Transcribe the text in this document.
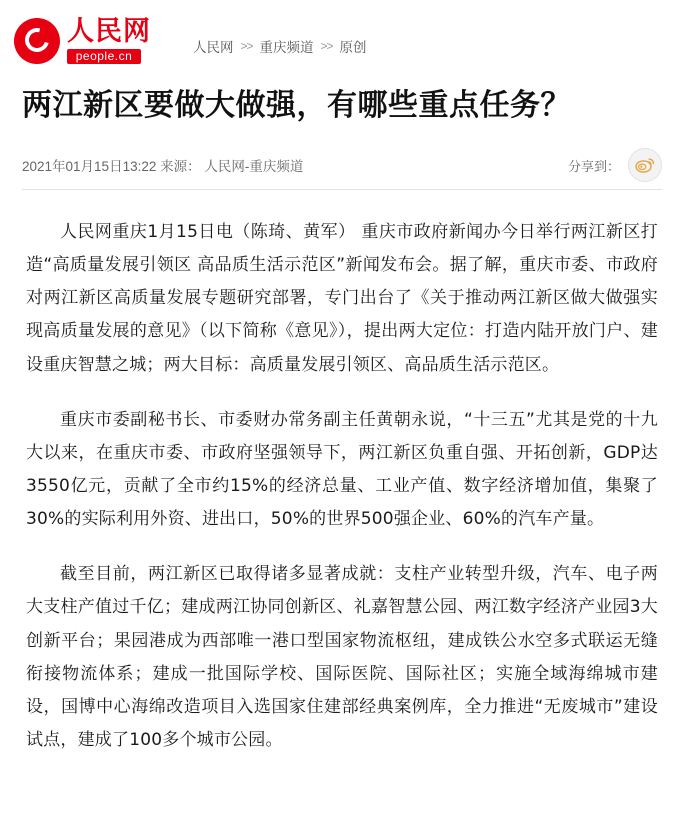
人民网
people.cn
人民网 >> 重庆频道 >> 原创
两江新区要做大做强，有哪些重点任务？
2021年01月15日13:22 来源： 人民网-重庆频道	分享到：

人民网重庆1月15日电（陈琦、黄军） 重庆市政府新闻办今日举行两江新区打造“高质量发展引领区 高品质生活示范区”新闻发布会。据了解，重庆市委、市政府对两江新区高质量发展专题研究部署，专门出台了《关于推动两江新区做大做强实现高质量发展的意见》（以下简称《意见》），提出两大定位：打造内陆开放门户、建设重庆智慧之城；两大目标：高质量发展引领区、高品质生活示范区。

重庆市委副秘书长、市委财办常务副主任黄朝永说，“十三五”尤其是党的十九大以来，在重庆市委、市政府坚强领导下，两江新区负重自强、开拓创新，GDP达3550亿元，贡献了全市约15%的经济总量、工业产值、数字经济增加值，集聚了30%的实际利用外资、进出口，50%的世界500强企业、60%的汽车产量。

截至目前，两江新区已取得诸多显著成就：支柱产业转型升级，汽车、电子两大支柱产值过千亿；建成两江协同创新区、礼嘉智慧公园、两江数字经济产业园3大创新平台；果园港成为西部唯一港口型国家物流枢纽，建成铁公水空多式联运无缝衔接物流体系；建成一批国际学校、国际医院、国际社区；实施全域海绵城市建设，国博中心海绵改造项目入选国家住建部经典案例库，全力推进“无废城市”建设试点，建成了100多个城市公园。
